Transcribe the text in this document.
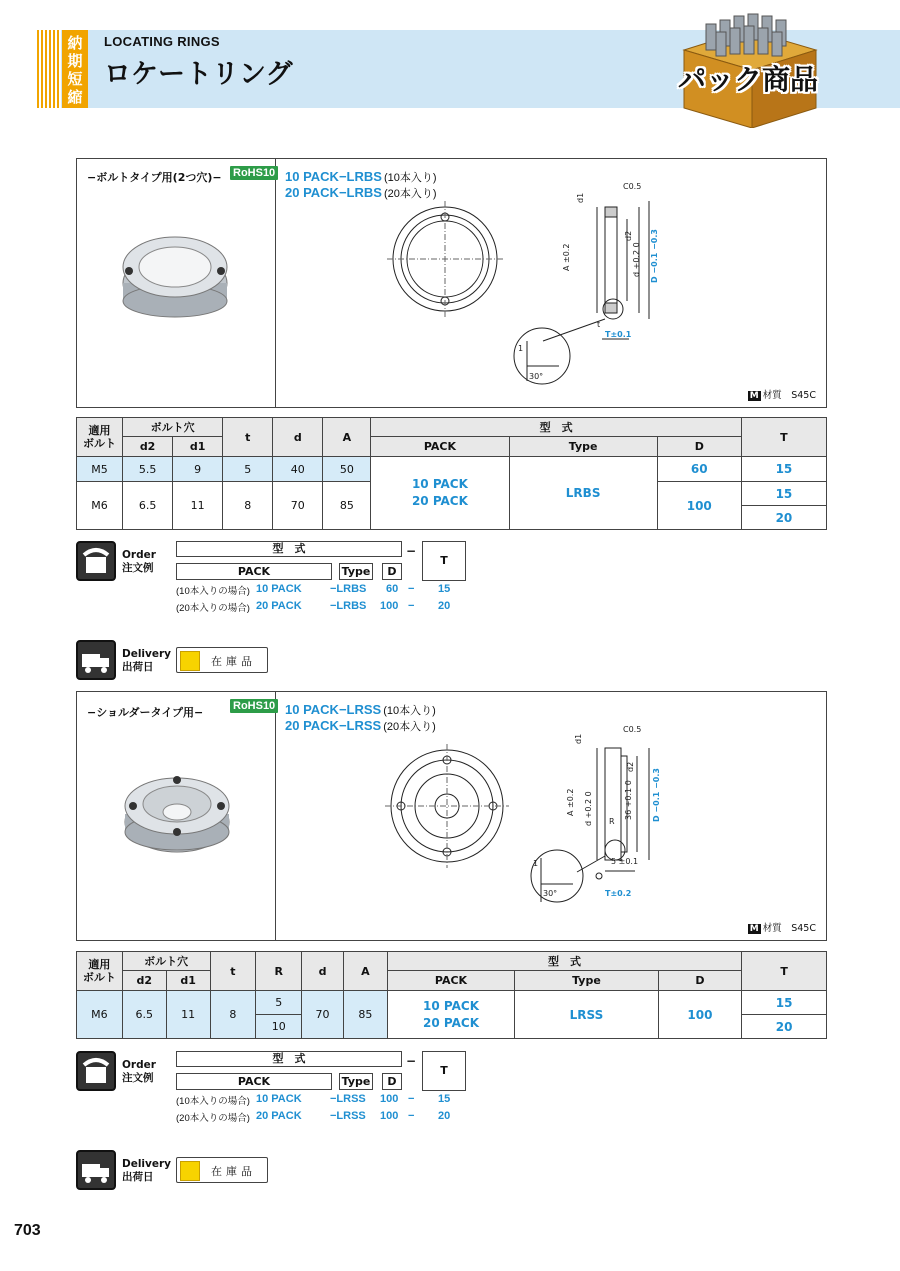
納
期
短
縮
LOCATING RINGS
ロケートリング	パック商品
−ボルトタイプ用(2つ穴)− RoHS10 10 PACK−LRBS (10本入り)
20 PACK−LRBS (20本入り)
C0.5
d1
d2
A ±0.2	d +0.2 0 D −0.1 −0.3
T±0.1
t
1
30°
M 材質　S45C
適用
ボルト	ボルト穴		t	d	A	型　式			T
	d2	d1				PACK	Type	D	
M5	5.5	9	5	40	50	10 PACK
20 PACK	LRBS	60	15
M6	6.5	11	8	70	85			100	15
									20
Order
注文例
型　式	−
T
PACK	Type	D
(10本入りの場合) 10 PACK	−LRBS 60 − 15
(20本入りの場合) 20 PACK	−LRBS 100 − 20
Delivery
出荷日	在庫品
−ショルダータイプ用−	RoHS10 10 PACK−LRSS (10本入り)
20 PACK−LRSS (20本入り)	C0.5
d1
d2
A ±0.2 d +0.2 0	36 +0.1 0 D −0.1 −0.3
R
5 ±0.1
T±0.2
1
30°
M 材質　S45C
適用
ボルト	ボルト穴		t	R	d	A	型　式			T
	d2	d1					PACK	Type	D	
M6	6.5	11	8	5	70	85	10 PACK
20 PACK	LRSS	100	15
				10						20
Order
注文例
型　式	−
T
PACK	Type	D
(10本入りの場合) 10 PACK	−LRSS 100 − 15
(20本入りの場合) 20 PACK	−LRSS 100 − 20
Delivery
出荷日	在庫品
703
